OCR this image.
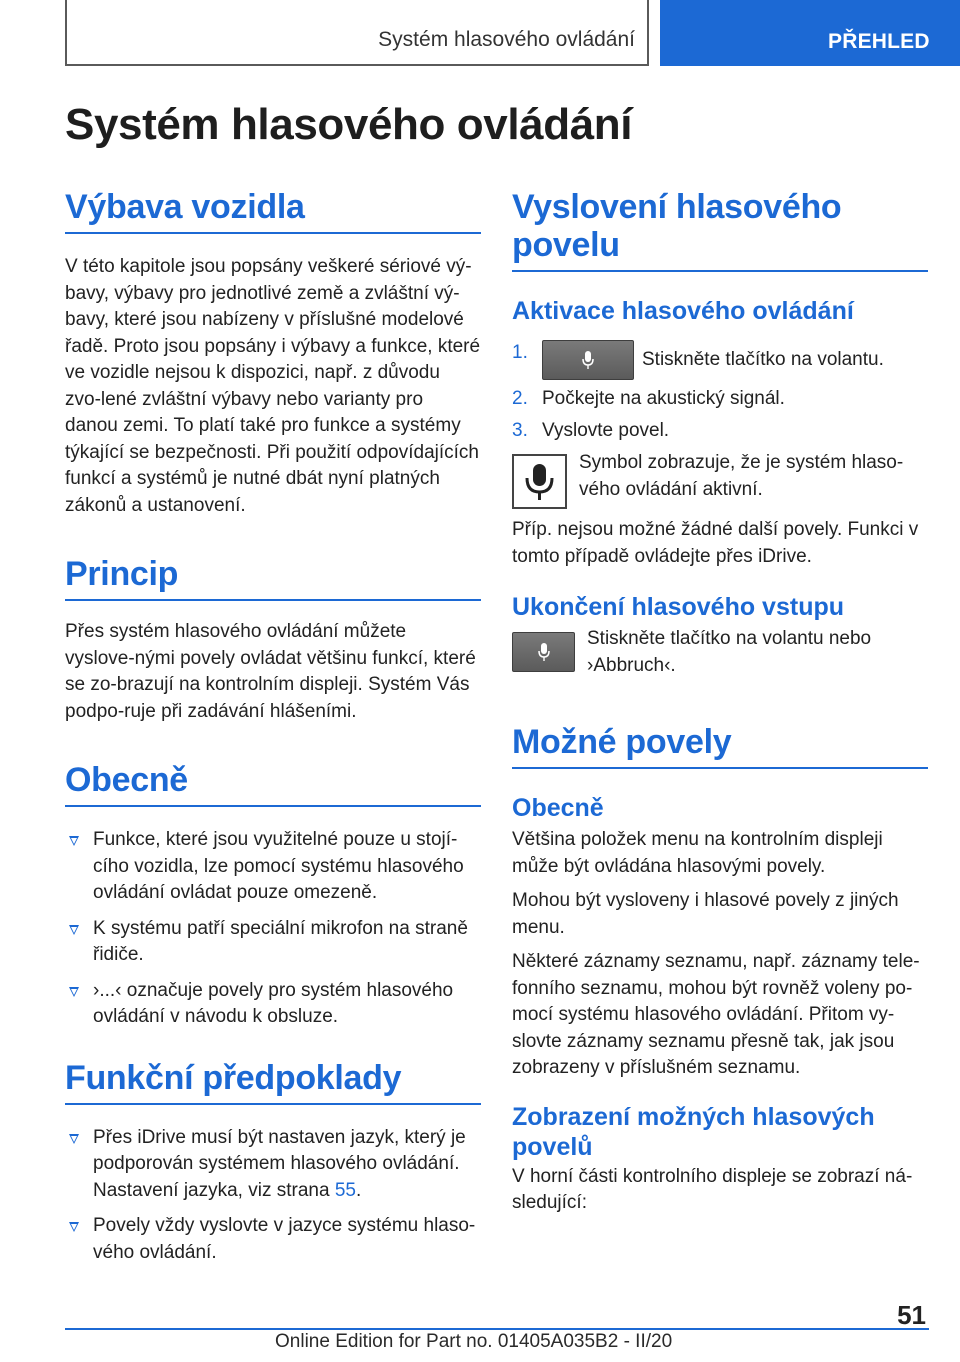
Systém hlasového ovládání	PŘEHLED
Systém hlasového ovládání
Výbava vozidla

V této kapitole jsou popsány veškeré sériové vý-bavy, výbavy pro jednotlivé země a zvláštní vý-bavy, které jsou nabízeny v příslušné modelové řadě. Proto jsou popsány i výbavy a funkce, které ve vozidle nejsou k dispozici, např. z důvodu zvo-lené zvláštní výbavy nebo varianty pro danou zemi. To platí také pro funkce a systémy týkající se bezpečnosti. Při použití odpovídajících funkcí a systémů je nutné dbát nyní platných zákonů a ustanovení.

Princip

Přes systém hlasového ovládání můžete vyslove-nými povely ovládat většinu funkcí, které se zo-brazují na kontrolním displeji. Systém Vás podpo-ruje při zadávání hlášeními.

Obecně
Funkce, které jsou využitelné pouze u stojí-cího vozidla, lze pomocí systému hlasového ovládání ovládat pouze omezeně.
K systému patří speciální mikrofon na straně řidiče.
›...‹ označuje povely pro systém hlasového ovládání v návodu k obsluze.
Funkční předpoklady
Přes iDrive musí být nastaven jazyk, který je podporován systémem hlasového ovládání. Nastavení jazyka, viz strana 55.
Povely vždy vyslovte v jazyce systému hlaso-vého ovládání.
Vyslovení hlasového povelu
Aktivace hlasového ovládání
1.	Stiskněte tlačítko na volantu.
2. Počkejte na akustický signál.
3. Vyslovte povel.

Symbol zobrazuje, že je systém hlaso-vého ovládání aktivní.

Příp. nejsou možné žádné další povely. Funkci v tomto případě ovládejte přes iDrive.

Ukončení hlasového vstupu

Stiskněte tlačítko na volantu nebo ›Abbruch‹.

Možné povely
Obecně

Většina položek menu na kontrolním displeji může být ovládána hlasovými povely.

Mohou být vysloveny i hlasové povely z jiných menu.

Některé záznamy seznamu, např. záznamy tele-fonního seznamu, mohou být rovněž voleny po-mocí systému hlasového ovládání. Přitom vy-slovte záznamy seznamu přesně tak, jak jsou zobrazeny v příslušném seznamu.

Zobrazení možných hlasových povelů

V horní části kontrolního displeje se zobrazí ná-sledující:

51
Online Edition for Part no. 01405A035B2 - II/20
